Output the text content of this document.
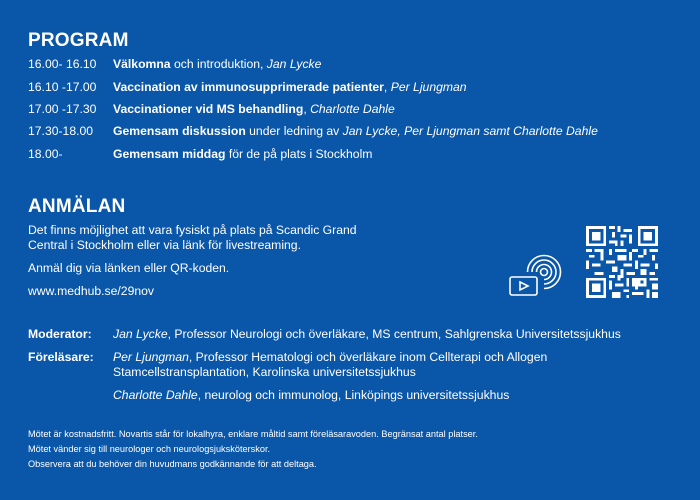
PROGRAM
16.00- 16.10 Välkomna och introduktion, Jan Lycke
16.10 -17.00 Vaccination av immunosupprimerade patienter, Per Ljungman
17.00 -17.30 Vaccinationer vid MS behandling, Charlotte Dahle
17.30-18.00 Gemensam diskussion under ledning av Jan Lycke, Per Ljungman samt Charlotte Dahle
18.00-	Gemensam middag för de på plats i Stockholm
ANMÄLAN
Det finns möjlighet att vara fysiskt på plats på Scandic Grand
Central i Stockholm eller via länk för livestreaming.
Anmäl dig via länken eller QR-koden.
www.medhub.se/29nov
Moderator: Jan Lycke, Professor Neurologi och överläkare, MS centrum, Sahlgrenska Universitetssjukhus
Föreläsare: Per Ljungman, Professor Hematologi och överläkare inom Cellterapi och Allogen
Stamcellstransplantation, Karolinska universitetssjukhus
Charlotte Dahle, neurolog och immunolog, Linköpings universitetssjukhus
Mötet är kostnadsfritt. Novartis står för lokalhyra, enklare måltid samt föreläsaravoden. Begränsat antal platser.
Mötet vänder sig till neurologer och neurologsjuksköterskor.
Observera att du behöver din huvudmans godkännande för att deltaga.
